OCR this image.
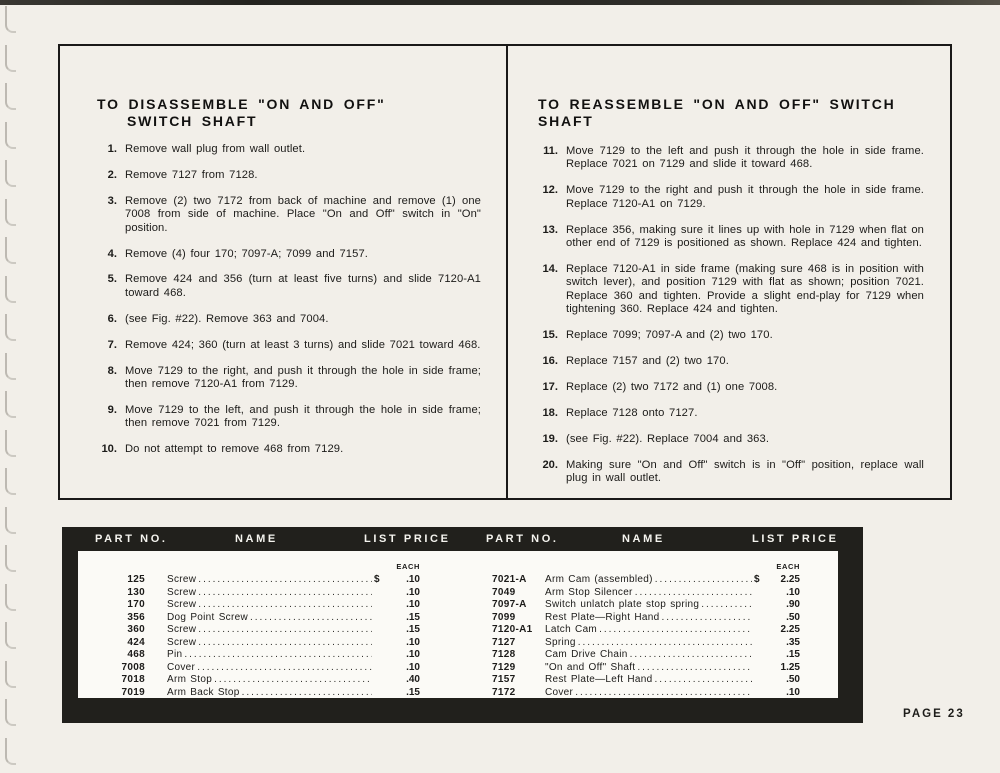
TO DISASSEMBLE "ON AND OFF"
SWITCH SHAFT
1. Remove wall plug from wall outlet.
2. Remove 7127 from 7128.
3. Remove (2) two 7172 from back of machine and remove (1) one 7008 from side of machine. Place "On and Off" switch in "On" position.
4. Remove (4) four 170; 7097-A; 7099 and 7157.
5. Remove 424 and 356 (turn at least five turns) and slide 7120-A1 toward 468.
6. (see Fig. #22). Remove 363 and 7004.
7. Remove 424; 360 (turn at least 3 turns) and slide 7021 toward 468.
8. Move 7129 to the right, and push it through the hole in side frame; then remove 7120-A1 from 7129.
9. Move 7129 to the left, and push it through the hole in side frame; then remove 7021 from 7129.
10. Do not attempt to remove 468 from 7129.
TO REASSEMBLE "ON AND OFF" SWITCH SHAFT
11. Move 7129 to the left and push it through the hole in side frame. Replace 7021 on 7129 and slide it toward 468.
12. Move 7129 to the right and push it through the hole in side frame. Replace 7120-A1 on 7129.
13. Replace 356, making sure it lines up with hole in 7129 when flat on other end of 7129 is positioned as shown. Replace 424 and tighten.
14. Replace 7120-A1 in side frame (making sure 468 is in position with switch lever), and position 7129 with flat as shown; position 7021. Replace 360 and tighten. Provide a slight end-play for 7129 when tightening 360. Replace 424 and tighten.
15. Replace 7099; 7097-A and (2) two 170.
16. Replace 7157 and (2) two 170.
17. Replace (2) two 7172 and (1) one 7008.
18. Replace 7128 onto 7127.
19. (see Fig. #22). Replace 7004 and 363.
20. Making sure "On and Off" switch is in "Off" position, replace wall plug in wall outlet.
PART NO.	NAME	LIST PRICE	PART NO.	NAME	LIST PRICE
EACH
125 Screw .....	$	.10
130 Screw .....	.10
170 Screw .....	.10
356 Dog Point Screw .....	.15
360 Screw .....	.15
424 Screw .....	.10
468 Pin .....	.10
7008 Cover .....	.10
7018 Arm Stop .....	.40
7019 Arm Back Stop .....	.15
EACH
7021-A	Arm Cam (assembled) .....	$	2.25
7049	Arm Stop Silencer .....	.10
7097-A	Switch unlatch plate stop spring .....	.90
7099	Rest Plate—Right Hand .....	.50
7120-A1	Latch Cam .....	2.25
7127	Spring .....	.35
7128	Cam Drive Chain .....	.15
7129	"On and Off" Shaft .....	1.25
7157	Rest Plate—Left Hand .....	.50
7172	Cover .....	.10
PAGE 23
